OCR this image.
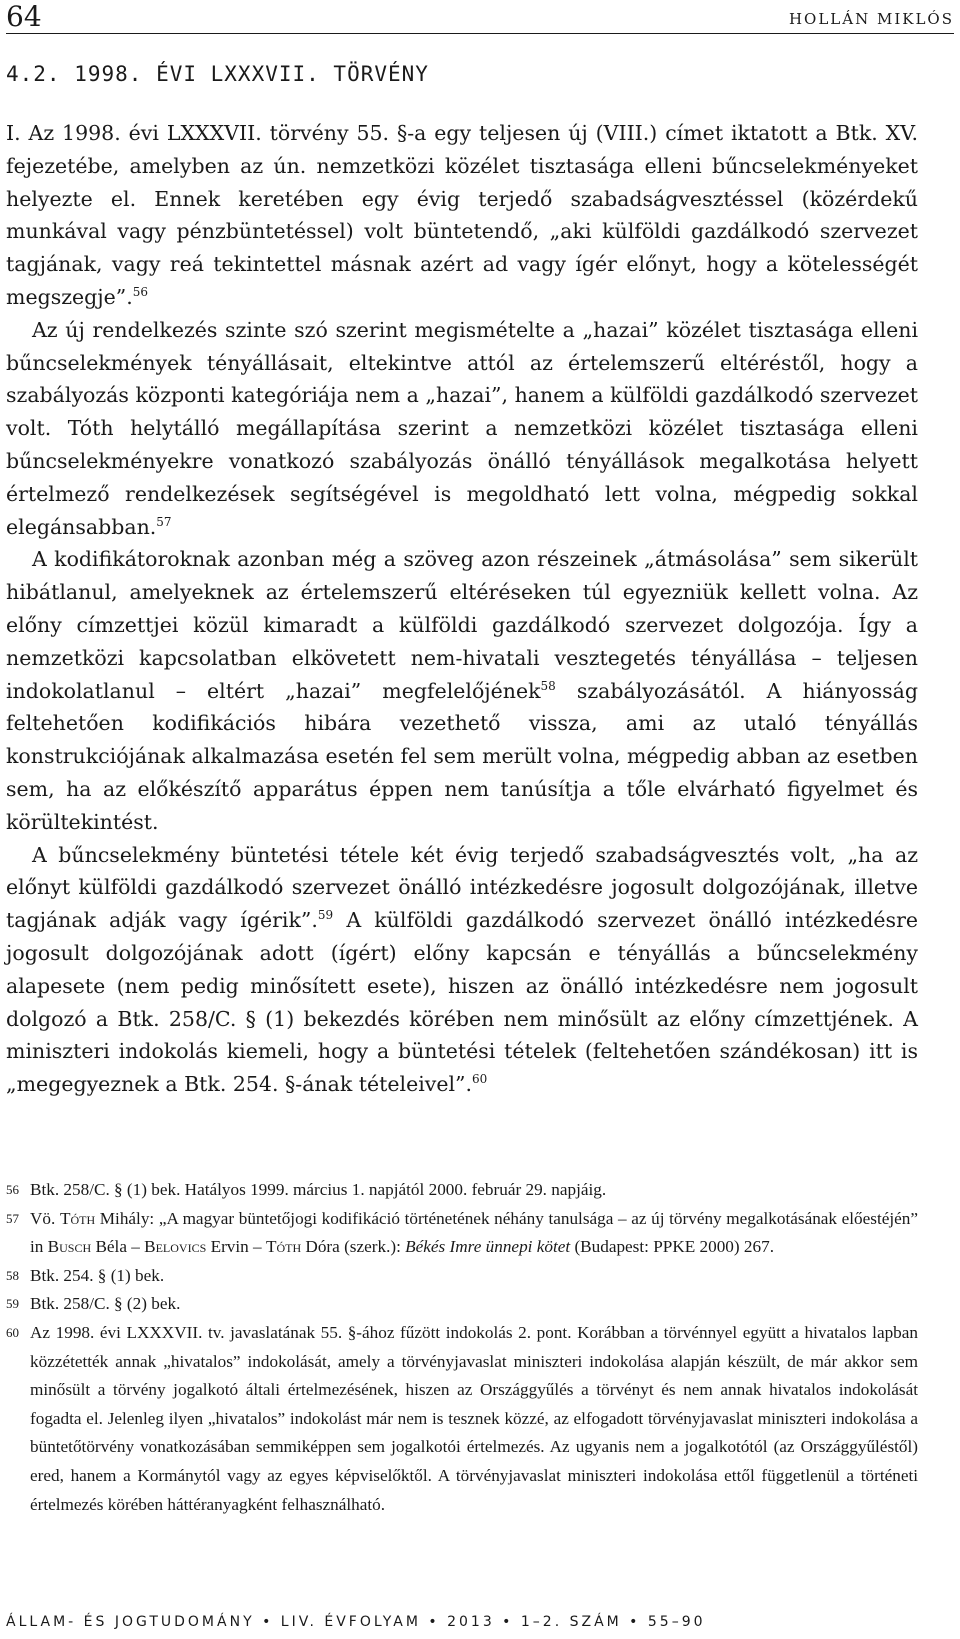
64	HOLLÁN MIKLÓS
4.2. 1998. ÉVI LXXXVII. TÖRVÉNY

I. Az 1998. évi LXXXVII. törvény 55. §-a egy teljesen új (VIII.) címet iktatott a Btk. XV. fejezetébe, amelyben az ún. nemzetközi közélet tisztasága elleni bűncselekményeket helyezte el. Ennek keretében egy évig terjedő szabadságvesztéssel (közérdekű munkával vagy pénzbüntetéssel) volt büntetendő, „aki külföldi gazdálkodó szervezet tagjának, vagy reá tekintettel másnak azért ad vagy ígér előnyt, hogy a kötelességét megszegje”.$^{56}$

Az új rendelkezés szinte szó szerint megismételte a „hazai” közélet tisztasága elleni bűncselekmények tényállásait, eltekintve attól az értelemszerű eltéréstől, hogy a szabályozás központi kategóriája nem a „hazai”, hanem a külföldi gazdálkodó szervezet volt. Tóth helytálló megállapítása szerint a nemzetközi közélet tisztasága elleni bűncselekményekre vonatkozó szabályozás önálló tényállások megalkotása helyett értelmező rendelkezések segítségével is megoldható lett volna, mégpedig sokkal elegánsabban.$^{57}$

A kodifikátoroknak azonban még a szöveg azon részeinek „átmásolása” sem sikerült hibátlanul, amelyeknek az értelemszerű eltéréseken túl egyezniük kellett volna. Az előny címzettjei közül kimaradt a külföldi gazdálkodó szervezet dolgozója. Így a nemzetközi kapcsolatban elkövetett nem-hivatali vesztegetés tényállása – teljesen indokolatlanul – eltért „hazai” megfelelőjének$^{58}$ szabályozásától. A hiányosság feltehetően kodifikációs hibára vezethető vissza, ami az utaló tényállás konstrukciójának alkalmazása esetén fel sem merült volna, mégpedig abban az esetben sem, ha az előkészítő apparátus éppen nem tanúsítja a tőle elvárható figyelmet és körültekintést.

A bűncselekmény büntetési tétele két évig terjedő szabadságvesztés volt, „ha az előnyt külföldi gazdálkodó szervezet önálló intézkedésre jogosult dolgozójának, illetve tagjának adják vagy ígérik”.$^{59}$ A külföldi gazdálkodó szervezet önálló intézkedésre jogosult dolgozójának adott (ígért) előny kapcsán e tényállás a bűncselekmény alapesete (nem pedig minősített esete), hiszen az önálló intézkedésre nem jogosult dolgozó a Btk. 258/C. § (1) bekezdés körében nem minősült az előny címzettjének. A miniszteri indokolás kiemeli, hogy a büntetési tételek (feltehetően szándékosan) itt is „megegyeznek a Btk. 254. §-ának tételeivel”.$^{60}$

56 Btk. 258/C. § (1) bek. Hatályos 1999. március 1. napjától 2000. február 29. napjáig.
57 Vö. Tóth Mihály: „A magyar büntetőjogi kodifikáció történetének néhány tanulsága – az új törvény megalkotásának előestéjén” in Busch Béla – Belovics Ervin – Tóth Dóra (szerk.): Békés Imre ünnepi kötet (Budapest: PPKE 2000) 267.
58 Btk. 254. § (1) bek.
59 Btk. 258/C. § (2) bek.
60 Az 1998. évi LXXXVII. tv. javaslatának 55. §-ához fűzött indokolás 2. pont. Korábban a törvénnyel együtt a hivatalos lapban közzétették annak „hivatalos” indokolását, amely a törvényjavaslat miniszteri indokolása alapján készült, de már akkor sem minősült a törvény jogalkotó általi értelmezésének, hiszen az Országgyűlés a törvényt és nem annak hivatalos indokolását fogadta el. Jelenleg ilyen „hivatalos” indokolást már nem is tesznek közzé, az elfogadott törvényjavaslat miniszteri indokolása a büntetőtörvény vonatkozásában semmiképpen sem jogalkotói értelmezés. Az ugyanis nem a jogalkotótól (az Országgyűléstől) ered, hanem a Kormánytól vagy az egyes képviselőktől. A törvényjavaslat miniszteri indokolása ettől függetlenül a történeti értelmezés körében háttéranyagként felhasználható.
ÁLLAM- ÉS JOGTUDOMÁNY • LIV. ÉVFOLYAM • 2013 • 1–2. SZÁM • 55–90
